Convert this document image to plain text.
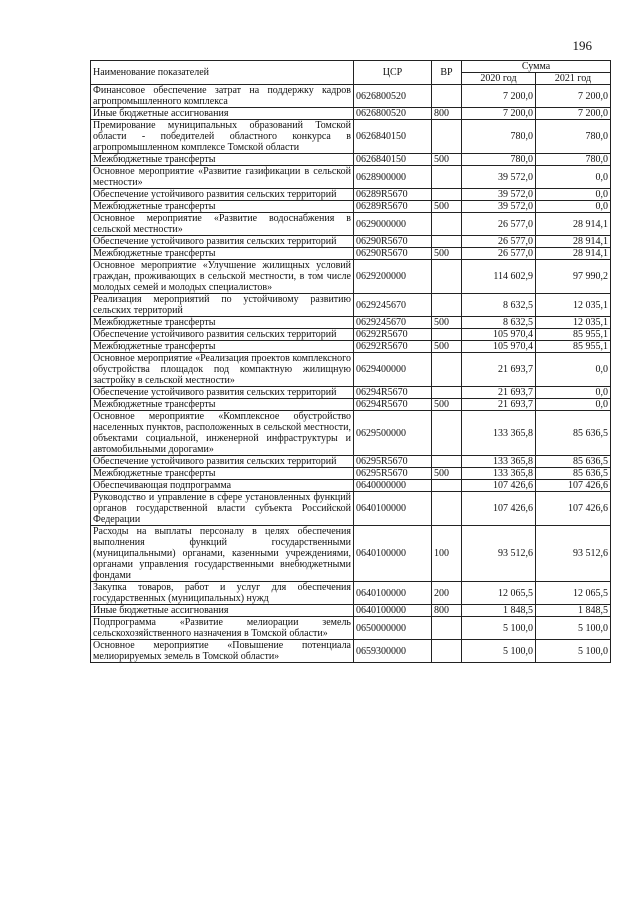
196
Наименование показателей	ЦСР	ВР	Сумма	
			2020 год	2021 год
Финансовое обеспечение затрат на поддержку кадров агропромышленного комплекса	0626800520		7 200,0	7 200,0
Иные бюджетные ассигнования	0626800520	800	7 200,0	7 200,0
Премирование муниципальных образований Томской области - победителей областного конкурса в агропромышленном комплексе Томской области	0626840150		780,0	780,0
Межбюджетные трансферты	0626840150	500	780,0	780,0
Основное мероприятие «Развитие газификации в сельской местности»	0628900000		39 572,0	0,0
Обеспечение устойчивого развития сельских территорий	06289R5670		39 572,0	0,0
Межбюджетные трансферты	06289R5670	500	39 572,0	0,0
Основное мероприятие «Развитие водоснабжения в сельской местности»	0629000000		26 577,0	28 914,1
Обеспечение устойчивого развития сельских территорий	06290R5670		26 577,0	28 914,1
Межбюджетные трансферты	06290R5670	500	26 577,0	28 914,1
Основное мероприятие «Улучшение жилищных условий граждан, проживающих в сельской местности, в том числе молодых семей и молодых специалистов»	0629200000		114 602,9	97 990,2
Реализация мероприятий по устойчивому развитию сельских территорий	0629245670		8 632,5	12 035,1
Межбюджетные трансферты	0629245670	500	8 632,5	12 035,1
Обеспечение устойчивого развития сельских территорий	06292R5670		105 970,4	85 955,1
Межбюджетные трансферты	06292R5670	500	105 970,4	85 955,1
Основное мероприятие «Реализация проектов комплексного обустройства площадок под компактную жилищную застройку в сельской местности»	0629400000		21 693,7	0,0
Обеспечение устойчивого развития сельских территорий	06294R5670		21 693,7	0,0
Межбюджетные трансферты	06294R5670	500	21 693,7	0,0
Основное мероприятие «Комплексное обустройство населенных пунктов, расположенных в сельской местности, объектами социальной, инженерной инфраструктуры и автомобильными дорогами»	0629500000		133 365,8	85 636,5
Обеспечение устойчивого развития сельских территорий	06295R5670		133 365,8	85 636,5
Межбюджетные трансферты	06295R5670	500	133 365,8	85 636,5
Обеспечивающая подпрограмма	0640000000		107 426,6	107 426,6
Руководство и управление в сфере установленных функций органов государственной власти субъекта Российской Федерации	0640100000		107 426,6	107 426,6
Расходы на выплаты персоналу в целях обеспечения выполнения функций государственными (муниципальными) органами, казенными учреждениями, органами управления государственными внебюджетными фондами	0640100000	100	93 512,6	93 512,6
Закупка товаров, работ и услуг для обеспечения государственных (муниципальных) нужд	0640100000	200	12 065,5	12 065,5
Иные бюджетные ассигнования	0640100000	800	1 848,5	1 848,5
Подпрограмма «Развитие мелиорации земель сельскохозяйственного назначения в Томской области»	0650000000		5 100,0	5 100,0
Основное мероприятие «Повышение потенциала мелиорируемых земель в Томской области»	0659300000		5 100,0	5 100,0
